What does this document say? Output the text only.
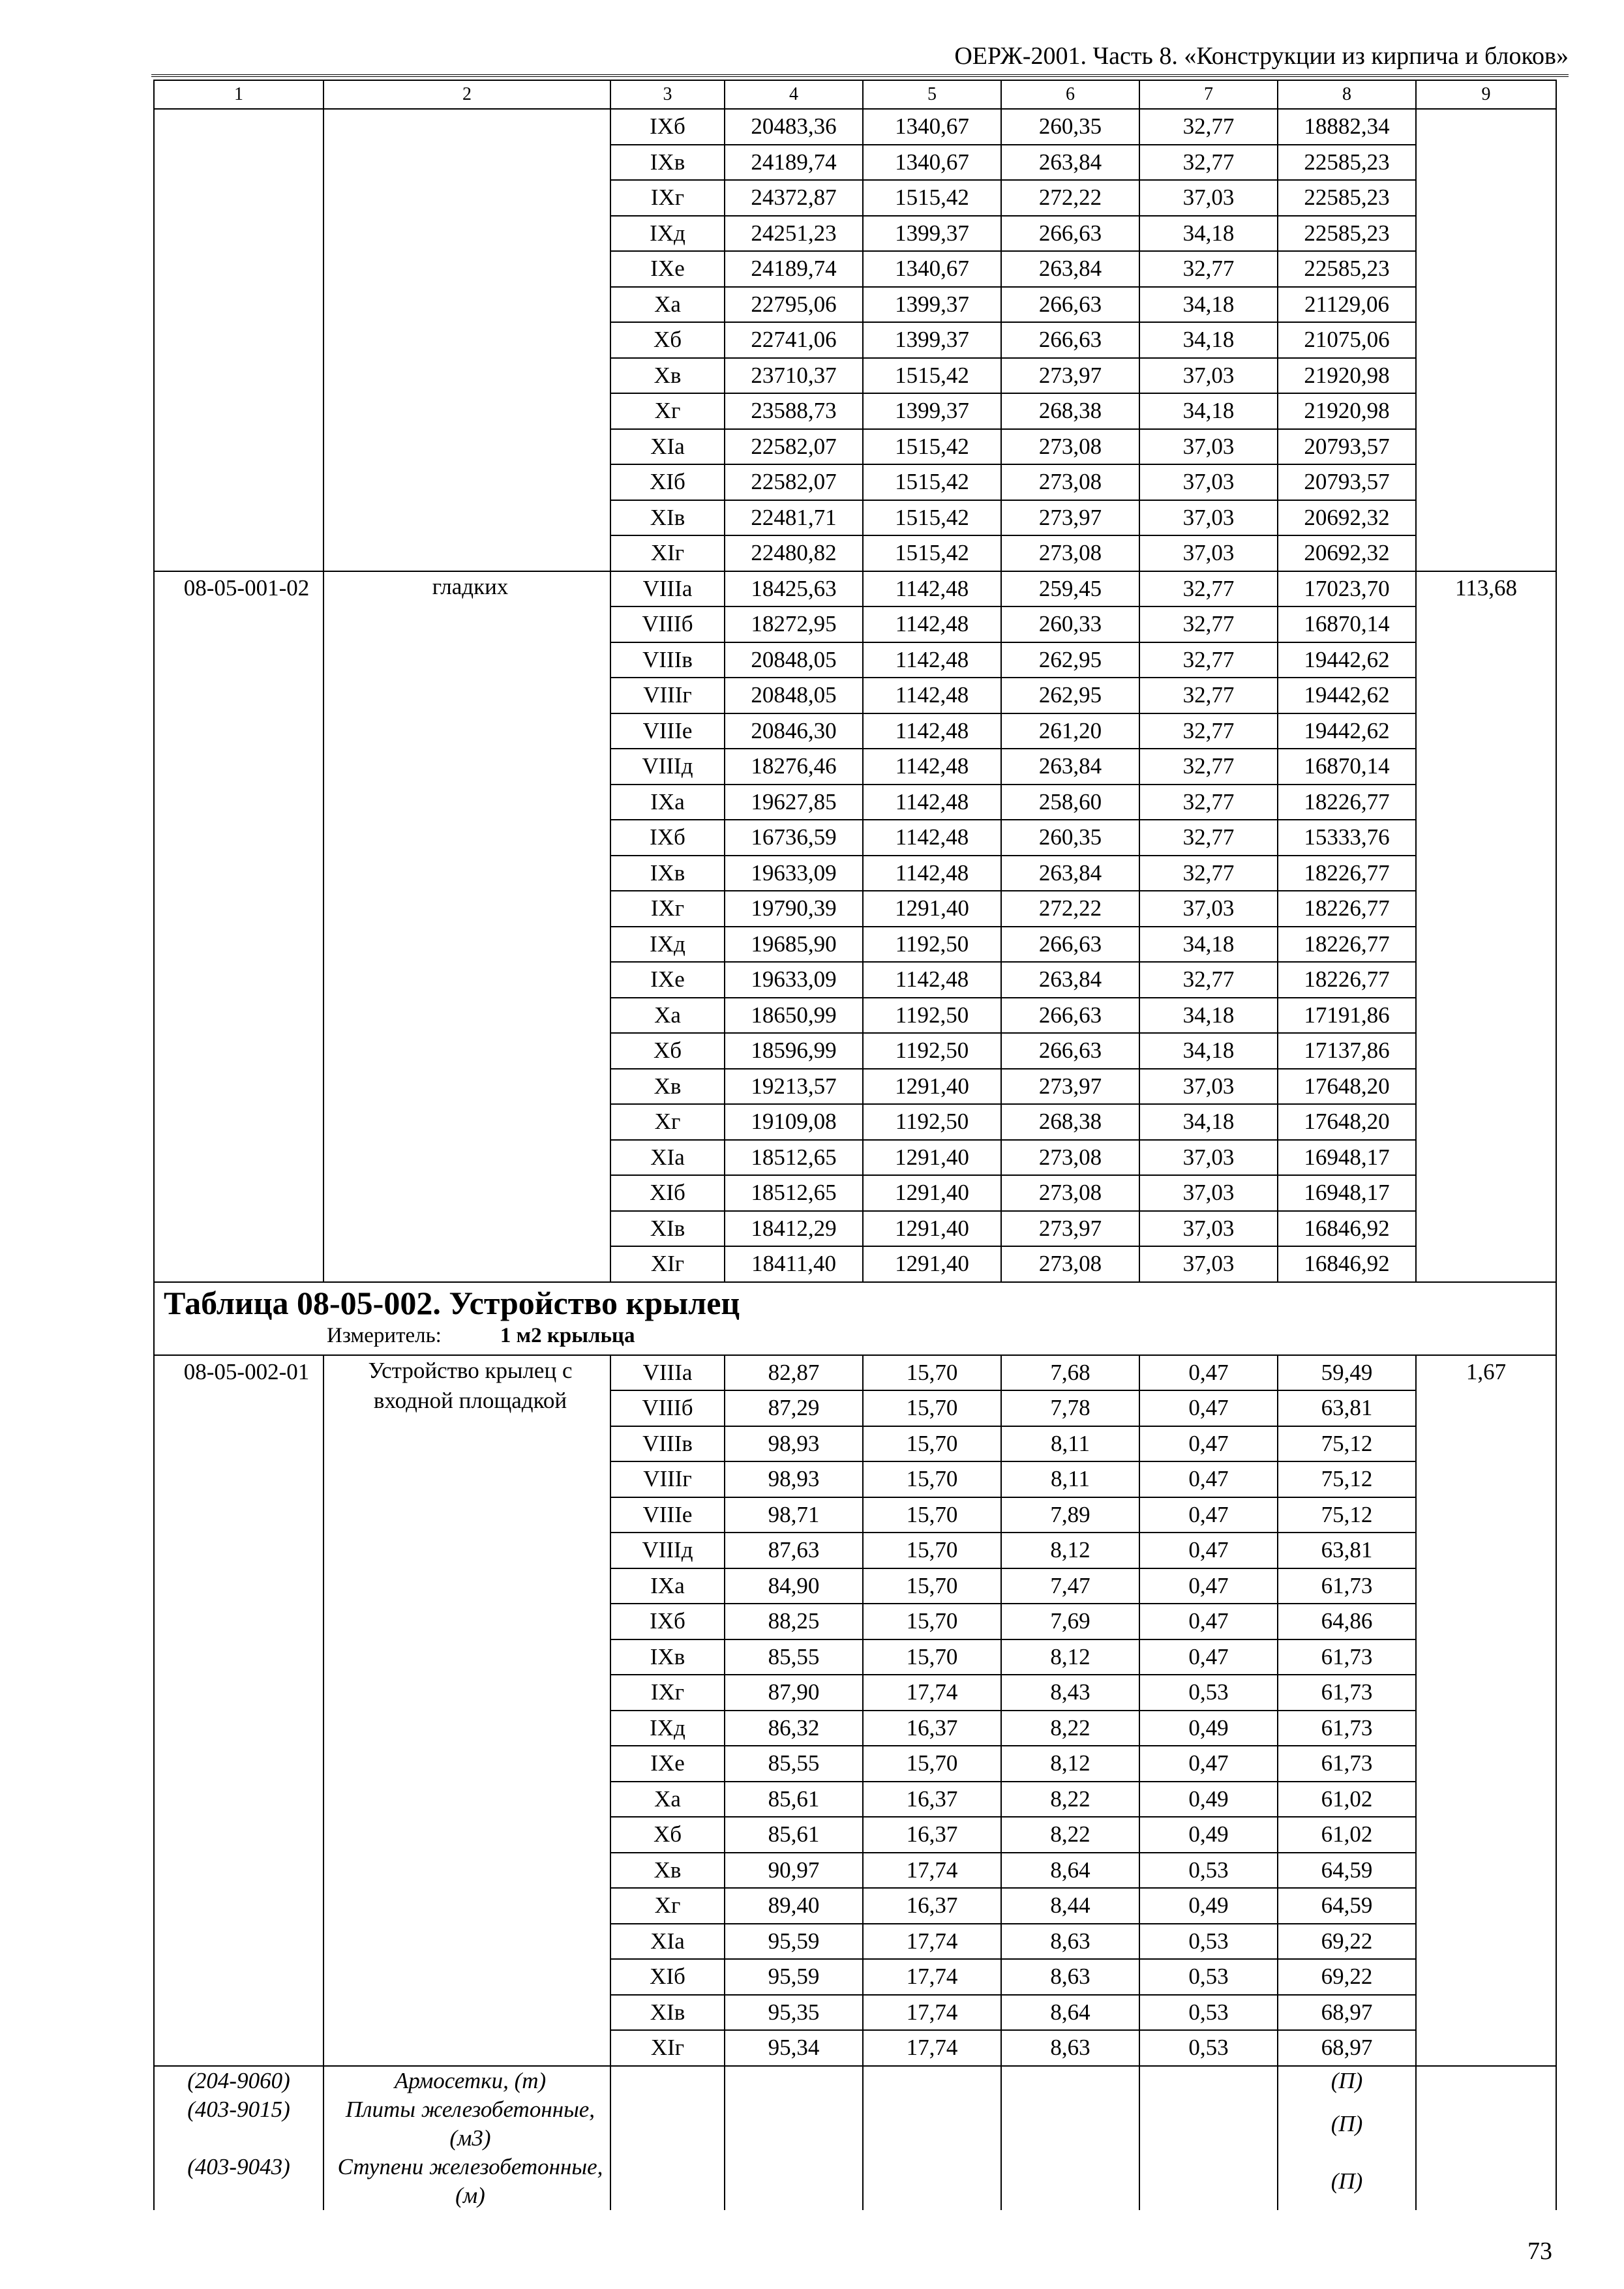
ОЕРЖ-2001. Часть 8. «Конструкции из кирпича и блоков»
1	2	3	4	5	6	7	8	9
		IXб	20483,36	1340,67	260,35	32,77	18882,34	
		IXв	24189,74	1340,67	263,84	32,77	22585,23	
		IXг	24372,87	1515,42	272,22	37,03	22585,23	
		IXд	24251,23	1399,37	266,63	34,18	22585,23	
		IXе	24189,74	1340,67	263,84	32,77	22585,23	
		Xа	22795,06	1399,37	266,63	34,18	21129,06	
		Xб	22741,06	1399,37	266,63	34,18	21075,06	
		Xв	23710,37	1515,42	273,97	37,03	21920,98	
		Xг	23588,73	1399,37	268,38	34,18	21920,98	
		XIа	22582,07	1515,42	273,08	37,03	20793,57	
		XIб	22582,07	1515,42	273,08	37,03	20793,57	
		XIв	22481,71	1515,42	273,97	37,03	20692,32	
		XIг	22480,82	1515,42	273,08	37,03	20692,32	
08-05-001-02	гладких	VIIIа	18425,63	1142,48	259,45	32,77	17023,70	113,68
		VIIIб	18272,95	1142,48	260,33	32,77	16870,14	
		VIIIв	20848,05	1142,48	262,95	32,77	19442,62	
		VIIIг	20848,05	1142,48	262,95	32,77	19442,62	
		VIIIе	20846,30	1142,48	261,20	32,77	19442,62	
		VIIIд	18276,46	1142,48	263,84	32,77	16870,14	
		IXа	19627,85	1142,48	258,60	32,77	18226,77	
		IXб	16736,59	1142,48	260,35	32,77	15333,76	
		IXв	19633,09	1142,48	263,84	32,77	18226,77	
		IXг	19790,39	1291,40	272,22	37,03	18226,77	
		IXд	19685,90	1192,50	266,63	34,18	18226,77	
		IXе	19633,09	1142,48	263,84	32,77	18226,77	
		Xа	18650,99	1192,50	266,63	34,18	17191,86	
		Xб	18596,99	1192,50	266,63	34,18	17137,86	
		Xв	19213,57	1291,40	273,97	37,03	17648,20	
		Xг	19109,08	1192,50	268,38	34,18	17648,20	
		XIа	18512,65	1291,40	273,08	37,03	16948,17	
		XIб	18512,65	1291,40	273,08	37,03	16948,17	
		XIв	18412,29	1291,40	273,97	37,03	16846,92	
		XIг	18411,40	1291,40	273,08	37,03	16846,92	

Таблица 08-05-002. Устройство крылец
Измеритель: 1 м2 крыльца								

08-05-002-01	Устройство крылец с входной площадкой	VIIIа	82,87	15,70	7,68	0,47	59,49	1,67
		VIIIб	87,29	15,70	7,78	0,47	63,81	
		VIIIв	98,93	15,70	8,11	0,47	75,12	
		VIIIг	98,93	15,70	8,11	0,47	75,12	
		VIIIе	98,71	15,70	7,89	0,47	75,12	
		VIIIд	87,63	15,70	8,12	0,47	63,81	
		IXа	84,90	15,70	7,47	0,47	61,73	
		IXб	88,25	15,70	7,69	0,47	64,86	
		IXв	85,55	15,70	8,12	0,47	61,73	
		IXг	87,90	17,74	8,43	0,53	61,73	
		IXд	86,32	16,37	8,22	0,49	61,73	
		IXе	85,55	15,70	8,12	0,47	61,73	
		Xа	85,61	16,37	8,22	0,49	61,02	
		Xб	85,61	16,37	8,22	0,49	61,02	
		Xв	90,97	17,74	8,64	0,53	64,59	
		Xг	89,40	16,37	8,44	0,49	64,59	
		XIа	95,59	17,74	8,63	0,53	69,22	
		XIб	95,59	17,74	8,63	0,53	69,22	
		XIв	95,35	17,74	8,64	0,53	68,97	
		XIг	95,34	17,74	8,63	0,53	68,97	
(204-9060)	Армосетки, (т)						(П)	
(403-9015)	Плиты железобетонные, (м3)						(П)	
(403-9043)	Ступени железобетонные, (м)						(П)	
73
